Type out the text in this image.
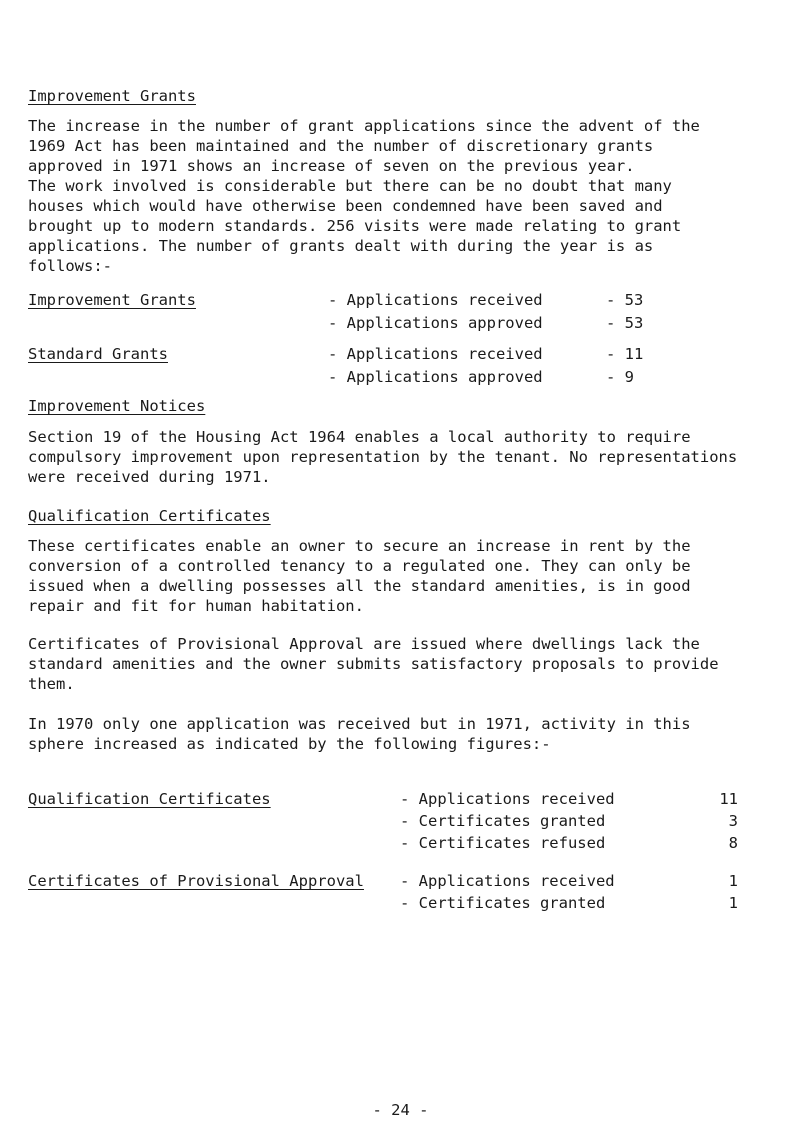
Improvement Grants
The increase in the number of grant applications since the advent of the
1969 Act has been maintained and the number of discretionary grants
approved in 1971 shows an increase of seven on the previous year.
The work involved is considerable but there can be no doubt that many
houses which would have otherwise been condemned have been saved and
brought up to modern standards. 256 visits were made relating to grant
applications. The number of grants dealt with during the year is as
follows:-
Improvement Grants	- Applications received	- 53
- Applications approved	- 53
Standard Grants	- Applications received	- 11
- Applications approved	- 9
Improvement Notices
Section 19 of the Housing Act 1964 enables a local authority to require
compulsory improvement upon representation by the tenant. No representations
were received during 1971.
Qualification Certificates
These certificates enable an owner to secure an increase in rent by the
conversion of a controlled tenancy to a regulated one. They can only be
issued when a dwelling possesses all the standard amenities, is in good
repair and fit for human habitation.
Certificates of Provisional Approval are issued where dwellings lack the
standard amenities and the owner submits satisfactory proposals to provide
them.
In 1970 only one application was received but in 1971, activity in this
sphere increased as indicated by the following figures:-
Qualification Certificates	- Applications received	11
- Certificates granted	3
- Certificates refused	8
Certificates of Provisional Approval - Applications received	1
- Certificates granted	1
- 24 -
